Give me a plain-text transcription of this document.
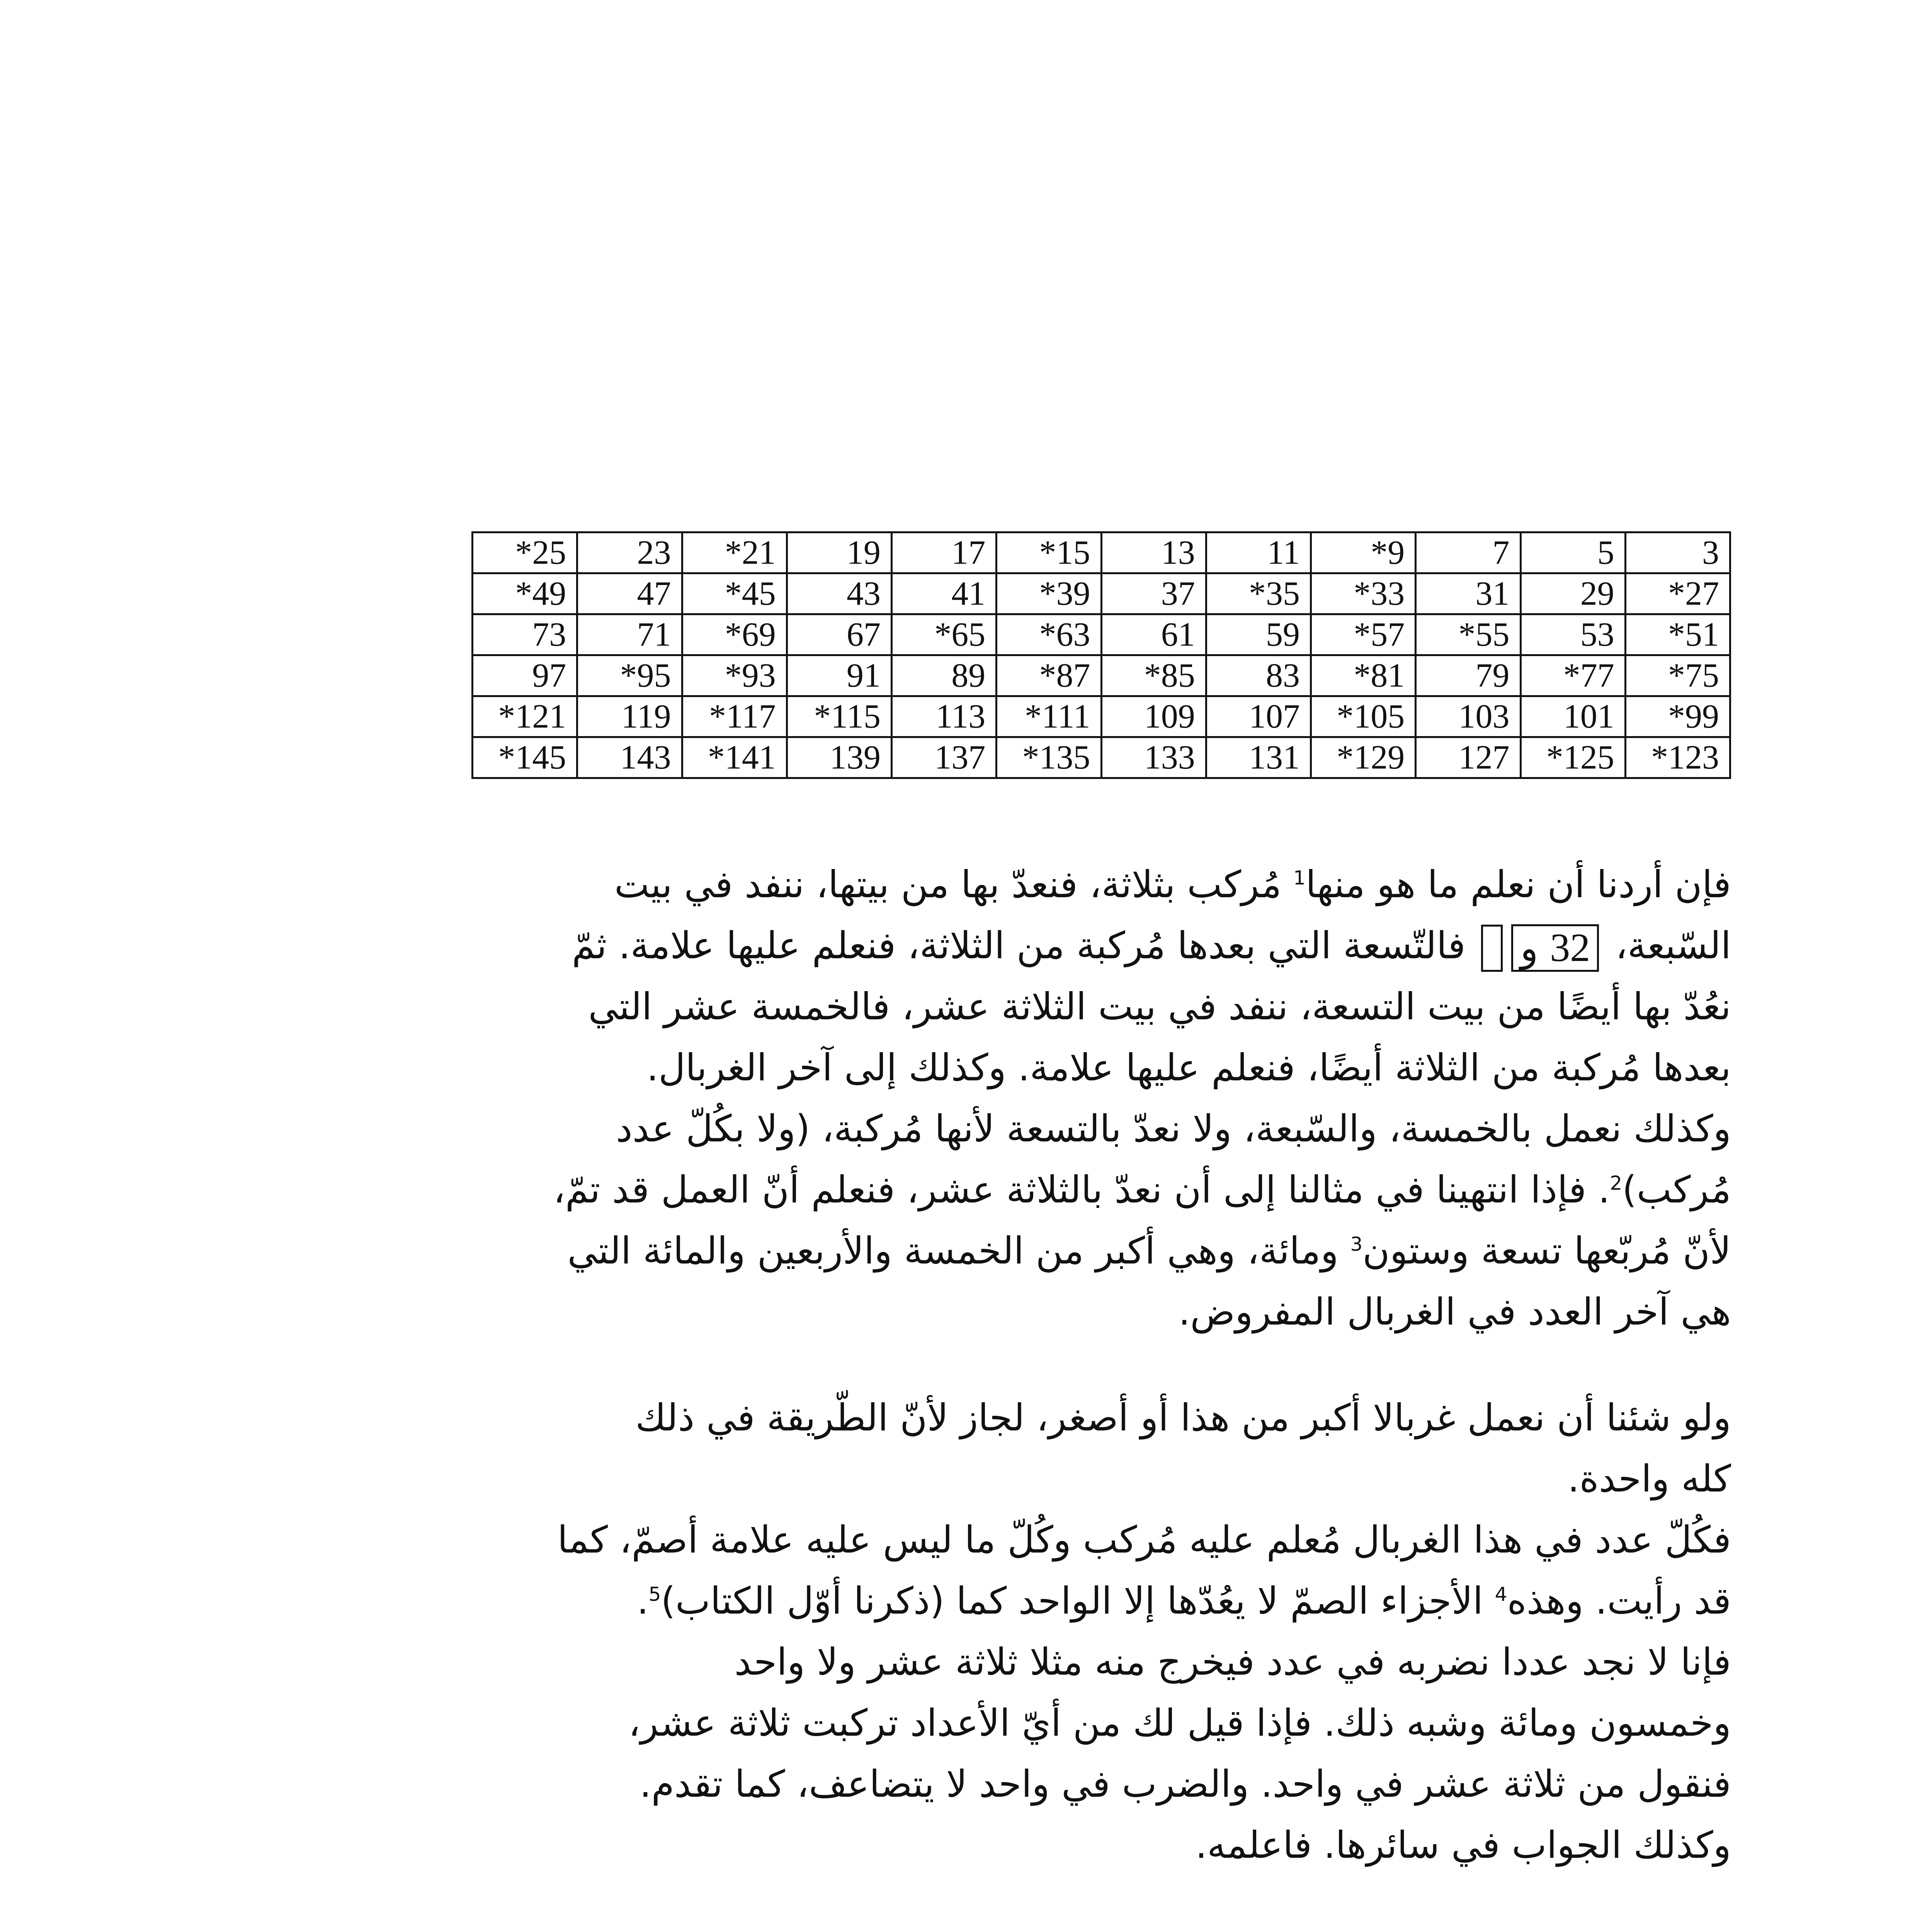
*25	23	*21	19	17	*15	13	11	*9	7	5	3
*49	47	*45	43	41	*39	37	*35	*33	31	29	*27
73	71	*69	67	*65	*63	61	59	*57	*55	53	*51
97	*95	*93	91	89	*87	*85	83	*81	79	*77	*75
*121	119	*117	*115	113	*111	109	107	*105	103	101	*99
*145	143	*141	139	137	*135	133	131	*129	127	*125	*123

فإن أردنا أن نعلم ما هو منها$^1$ مُركب بثلاثة، فنعدّ بها من بيتها، ننفد في بيت

السّبعة، 32 و فالتّسعة التي بعدها مُركبة من الثلاثة، فنعلم عليها علامة. ثمّ

نعُدّ بها أيضًا من بيت التسعة، ننفد في بيت الثلاثة عشر، فالخمسة عشر التي

بعدها مُركبة من الثلاثة أيضًا، فنعلم عليها علامة. وكذلك إلى آخر الغربال.

وكذلك نعمل بالخمسة، والسّبعة، ولا نعدّ بالتسعة لأنها مُركبة، (ولا بكُلّ عدد

مُركب)$^2$. فإذا انتهينا في مثالنا إلى أن نعدّ بالثلاثة عشر، فنعلم أنّ العمل قد تمّ،

لأنّ مُربّعها تسعة وستون$^3$ ومائة، وهي أكبر من الخمسة والأربعين والمائة التي

هي آخر العدد في الغربال المفروض.

ولو شئنا أن نعمل غربالا أكبر من هذا أو أصغر، لجاز لأنّ الطّريقة في ذلك

كله واحدة.

فكُلّ عدد في هذا الغربال مُعلم عليه مُركب وكُلّ ما ليس عليه علامة أصمّ، كما

قد رأيت. وهذه$^4$ الأجزاء الصمّ لا يعُدّها إلا الواحد كما (ذكرنا أوّل الكتاب)$^5$.

فإنا لا نجد عددا نضربه في عدد فيخرج منه مثلا ثلاثة عشر ولا واحد

وخمسون ومائة وشبه ذلك. فإذا قيل لك من أيّ الأعداد تركبت ثلاثة عشر،

فنقول من ثلاثة عشر في واحد. والضرب في واحد لا يتضاعف، كما تقدم.

وكذلك الجواب في سائرها. فاعلمه.
